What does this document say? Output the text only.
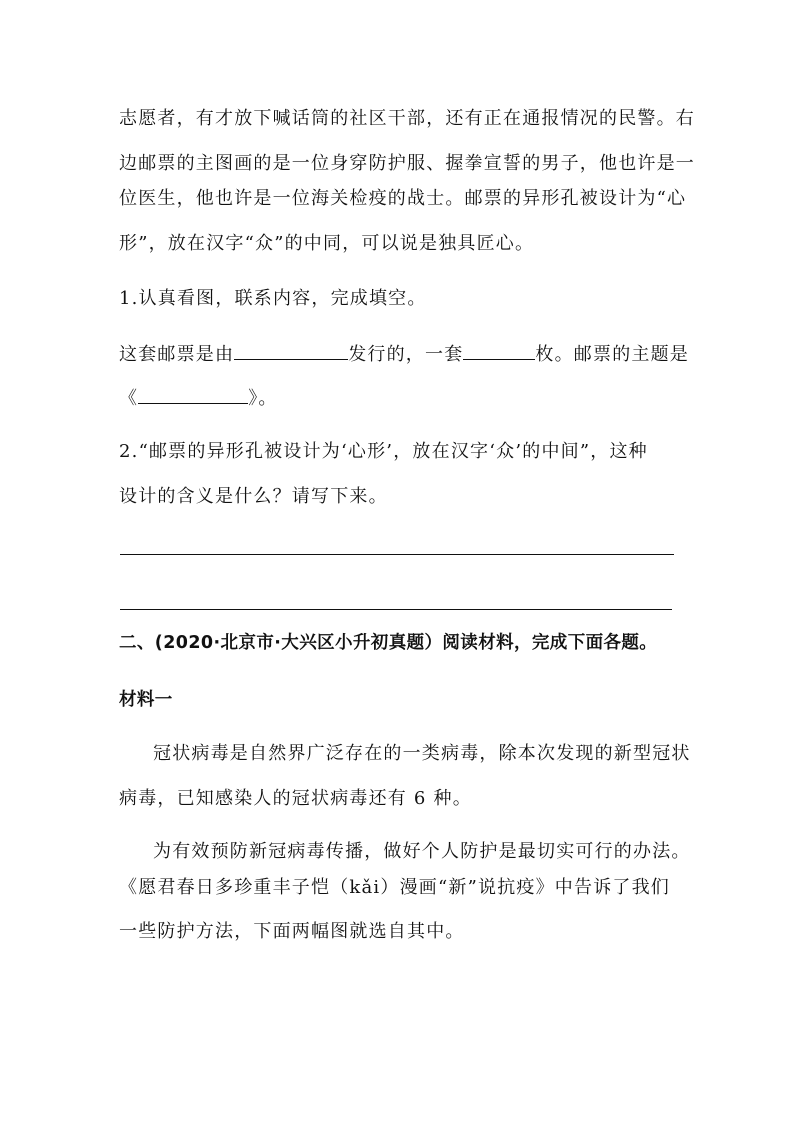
志愿者，有才放下喊话筒的社区干部，还有正在通报情况的民警。右
边邮票的主图画的是一位身穿防护服、握拳宣誓的男子，他也许是一
位医生，他也许是一位海关检疫的战士。邮票的异形孔被设计为“心
形”，放在汉字“众”的中同，可以说是独具匠心。
1.认真看图，联系内容，完成填空。
这套邮票是由	发行的，一套	枚。邮票的主题是
《	》。
2.“邮票的异形孔被设计为‘心形’，放在汉字‘众’的中间”，这种
设计的含义是什么？请写下来。
二、(2020·北京市·大兴区小升初真题）阅读材料，完成下面各题。
材料一
冠状病毒是自然界广泛存在的一类病毒，除本次发现的新型冠状
病毒，已知感染人的冠状病毒还有 6 种。
为有效预防新冠病毒传播，做好个人防护是最切实可行的办法。
《愿君春日多珍重丰子恺（kǎi）漫画“新”说抗疫》中告诉了我们
一些防护方法，下面两幅图就选自其中。
